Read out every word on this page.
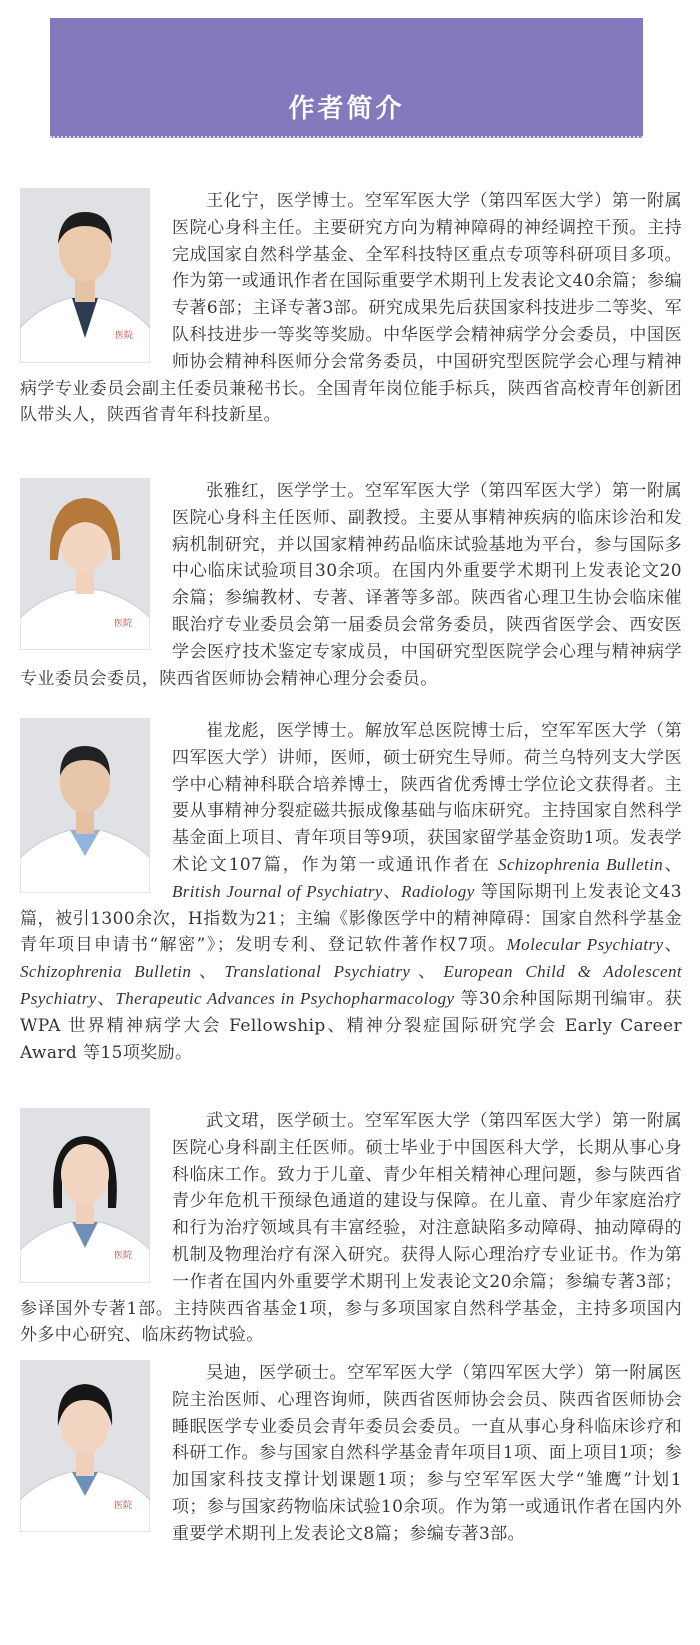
作者简介
医院
王化宁，医学博士。空军军医大学（第四军医大学）第一附属医院心身科主任。主要研究方向为精神障碍的神经调控干预。主持完成国家自然科学基金、全军科技特区重点专项等科研项目多项。作为第一或通讯作者在国际重要学术期刊上发表论文40余篇；参编专著6部；主译专著3部。研究成果先后获国家科技进步二等奖、军队科技进步一等奖等奖励。中华医学会精神病学分会委员，中国医师协会精神科医师分会常务委员，中国研究型医院学会心理与精神病学专业委员会副主任委员兼秘书长。全国青年岗位能手标兵，陕西省高校青年创新团队带头人，陕西省青年科技新星。
医院
张雅红，医学学士。空军军医大学（第四军医大学）第一附属医院心身科主任医师、副教授。主要从事精神疾病的临床诊治和发病机制研究，并以国家精神药品临床试验基地为平台，参与国际多中心临床试验项目30余项。在国内外重要学术期刊上发表论文20余篇；参编教材、专著、译著等多部。陕西省心理卫生协会临床催眠治疗专业委员会第一届委员会常务委员，陕西省医学会、西安医学会医疗技术鉴定专家成员，中国研究型医院学会心理与精神病学专业委员会委员，陕西省医师协会精神心理分会委员。
崔龙彪，医学博士。解放军总医院博士后，空军军医大学（第四军医大学）讲师，医师，硕士研究生导师。荷兰乌特列支大学医学中心精神科联合培养博士，陕西省优秀博士学位论文获得者。主要从事精神分裂症磁共振成像基础与临床研究。主持国家自然科学基金面上项目、青年项目等9项，获国家留学基金资助1项。发表学术论文107篇，作为第一或通讯作者在 Schizophrenia Bulletin、British Journal of Psychiatry、Radiology 等国际期刊上发表论文43篇，被引1300余次，H指数为21；主编《影像医学中的精神障碍：国家自然科学基金青年项目申请书“解密”》；发明专利、登记软件著作权7项。Molecular Psychiatry、Schizophrenia Bulletin、Translational Psychiatry、European Child & Adolescent Psychiatry、Therapeutic Advances in Psychopharmacology 等30余种国际期刊编审。获 WPA 世界精神病学大会 Fellowship、精神分裂症国际研究学会 Early Career Award 等15项奖励。
医院
武文珺，医学硕士。空军军医大学（第四军医大学）第一附属医院心身科副主任医师。硕士毕业于中国医科大学，长期从事心身科临床工作。致力于儿童、青少年相关精神心理问题，参与陕西省青少年危机干预绿色通道的建设与保障。在儿童、青少年家庭治疗和行为治疗领域具有丰富经验，对注意缺陷多动障碍、抽动障碍的机制及物理治疗有深入研究。获得人际心理治疗专业证书。作为第一作者在国内外重要学术期刊上发表论文20余篇；参编专著3部；参译国外专著1部。主持陕西省基金1项，参与多项国家自然科学基金，主持多项国内外多中心研究、临床药物试验。
医院
吴迪，医学硕士。空军军医大学（第四军医大学）第一附属医院主治医师、心理咨询师，陕西省医师协会会员、陕西省医师协会睡眠医学专业委员会青年委员会委员。一直从事心身科临床诊疗和科研工作。参与国家自然科学基金青年项目1项、面上项目1项；参加国家科技支撑计划课题1项；参与空军军医大学“雏鹰”计划1项；参与国家药物临床试验10余项。作为第一或通讯作者在国内外重要学术期刊上发表论文8篇；参编专著3部。
